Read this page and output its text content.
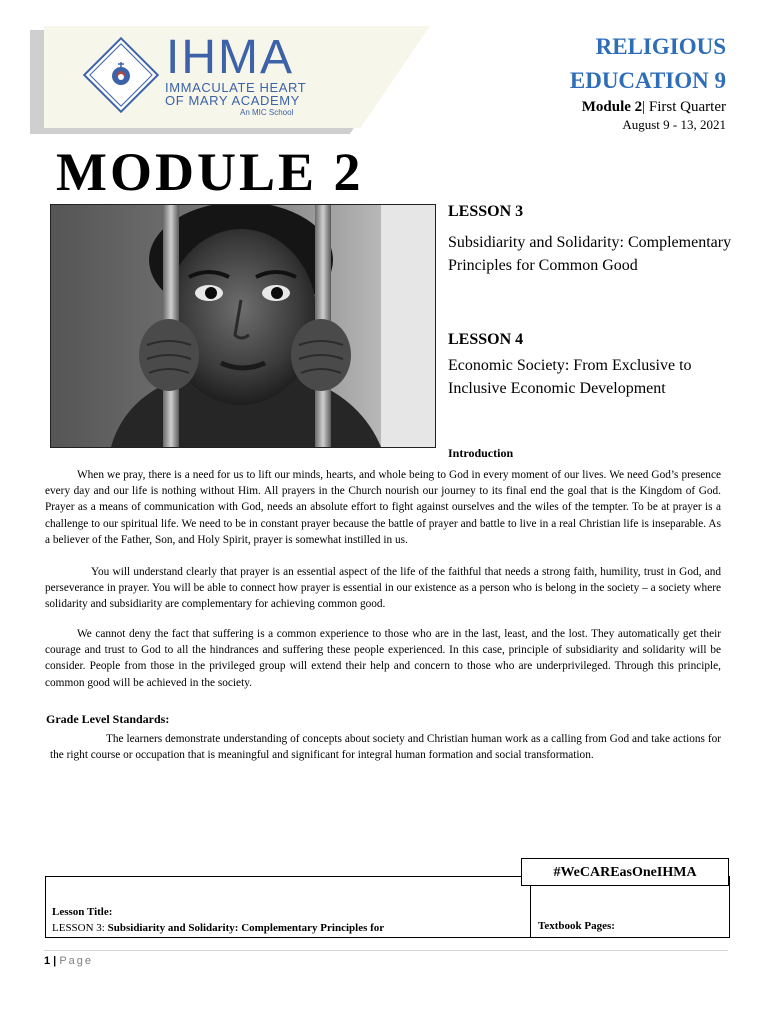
IHMA
IMMACULATE HEART
OF MARY ACADEMY
An MIC School
RELIGIOUS
EDUCATION 9
Module 2| First Quarter
August 9 - 13, 2021
MODULE 2
LESSON 3
Subsidiarity and Solidarity: Complementary Principles for Common Good
LESSON 4
Economic Society: From Exclusive to Inclusive Economic Development
Introduction

When we pray, there is a need for us to lift our minds, hearts, and whole being to God in every moment of our lives. We need God’s presence every day and our life is nothing without Him. All prayers in the Church nourish our journey to its final end the goal that is the Kingdom of God. Prayer as a means of communication with God, needs an absolute effort to fight against ourselves and the wiles of the tempter. To be at prayer is a challenge to our spiritual life. We need to be in constant prayer because the battle of prayer and battle to live in a real Christian life is inseparable. As a believer of the Father, Son, and Holy Spirit, prayer is somewhat instilled in us.

You will understand clearly that prayer is an essential aspect of the life of the faithful that needs a strong faith, humility, trust in God, and perseverance in prayer. You will be able to connect how prayer is essential in our existence as a person who is belong in the society – a society where solidarity and subsidiarity are complementary for achieving common good.

We cannot deny the fact that suffering is a common experience to those who are in the last, least, and the lost. They automatically get their courage and trust to God to all the hindrances and suffering these people experienced. In this case, principle of subsidiarity and solidarity will be consider. People from those in the privileged group will extend their help and concern to those who are underprivileged. Through this principle, common good will be achieved in the society.

Grade Level Standards:

The learners demonstrate understanding of concepts about society and Christian human work as a calling from God and take actions for the right course or occupation that is meaningful and significant for integral human formation and social transformation.

#WeCAREasOneIHMA
Lesson Title:
LESSON 3: Subsidiarity and Solidarity: Complementary Principles for	Textbook Pages:
1 | Page
